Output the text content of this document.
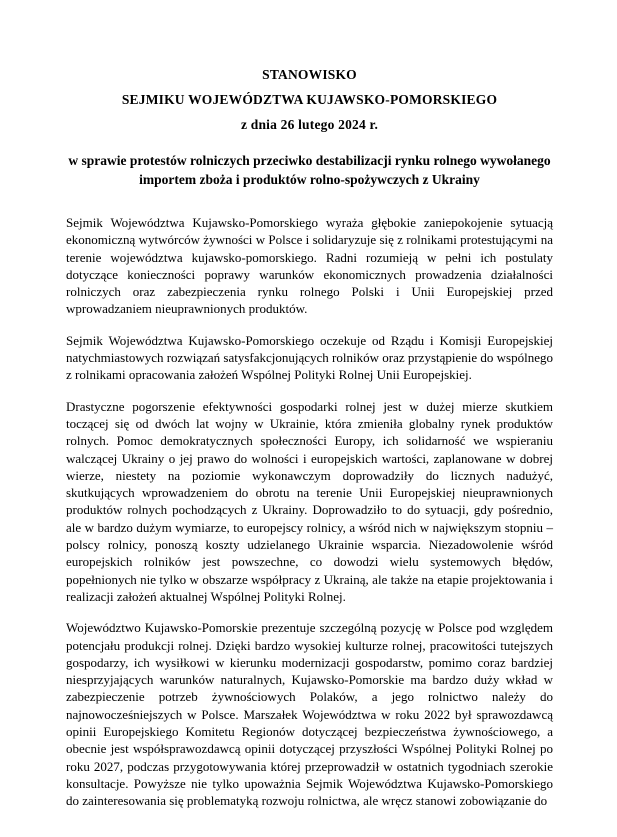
STANOWISKO
SEJMIKU WOJEWÓDZTWA KUJAWSKO-POMORSKIEGO
z dnia 26 lutego 2024 r.
w sprawie protestów rolniczych przeciwko destabilizacji rynku rolnego wywołanego importem zboża i produktów rolno-spożywczych z Ukrainy

Sejmik Województwa Kujawsko-Pomorskiego wyraża głębokie zaniepokojenie sytuacją ekonomiczną wytwórców żywności w Polsce i solidaryzuje się z rolnikami protestującymi na terenie województwa kujawsko-pomorskiego. Radni rozumieją w pełni ich postulaty dotyczące konieczności poprawy warunków ekonomicznych prowadzenia działalności rolniczych oraz zabezpieczenia rynku rolnego Polski i Unii Europejskiej przed wprowadzaniem nieuprawnionych produktów.

Sejmik Województwa Kujawsko-Pomorskiego oczekuje od Rządu i Komisji Europejskiej natychmiastowych rozwiązań satysfakcjonujących rolników oraz przystąpienie do wspólnego z rolnikami opracowania założeń Wspólnej Polityki Rolnej Unii Europejskiej.

Drastyczne pogorszenie efektywności gospodarki rolnej jest w dużej mierze skutkiem toczącej się od dwóch lat wojny w Ukrainie, która zmieniła globalny rynek produktów rolnych. Pomoc demokratycznych społeczności Europy, ich solidarność we wspieraniu walczącej Ukrainy o jej prawo do wolności i europejskich wartości, zaplanowane w dobrej wierze, niestety na poziomie wykonawczym doprowadziły do licznych nadużyć, skutkujących wprowadzeniem do obrotu na terenie Unii Europejskiej nieuprawnionych produktów rolnych pochodzących z Ukrainy. Doprowadziło to do sytuacji, gdy pośrednio, ale w bardzo dużym wymiarze, to europejscy rolnicy, a wśród nich w największym stopniu – polscy rolnicy, ponoszą koszty udzielanego Ukrainie wsparcia. Niezadowolenie wśród europejskich rolników jest powszechne, co dowodzi wielu systemowych błędów, popełnionych nie tylko w obszarze współpracy z Ukrainą, ale także na etapie projektowania i realizacji założeń aktualnej Wspólnej Polityki Rolnej.

Województwo Kujawsko-Pomorskie prezentuje szczególną pozycję w Polsce pod względem potencjału produkcji rolnej. Dzięki bardzo wysokiej kulturze rolnej, pracowitości tutejszych gospodarzy, ich wysiłkowi w kierunku modernizacji gospodarstw, pomimo coraz bardziej niesprzyjających warunków naturalnych, Kujawsko-Pomorskie ma bardzo duży wkład w zabezpieczenie potrzeb żywnościowych Polaków, a jego rolnictwo należy do najnowocześniejszych w Polsce. Marszałek Województwa w roku 2022 był sprawozdawcą opinii Europejskiego Komitetu Regionów dotyczącej bezpieczeństwa żywnościowego, a obecnie jest współsprawozdawcą opinii dotyczącej przyszłości Wspólnej Polityki Rolnej po roku 2027, podczas przygotowywania której przeprowadził w ostatnich tygodniach szerokie konsultacje. Powyższe nie tylko upoważnia Sejmik Województwa Kujawsko-Pomorskiego do zainteresowania się problematyką rozwoju rolnictwa, ale wręcz stanowi zobowiązanie do
